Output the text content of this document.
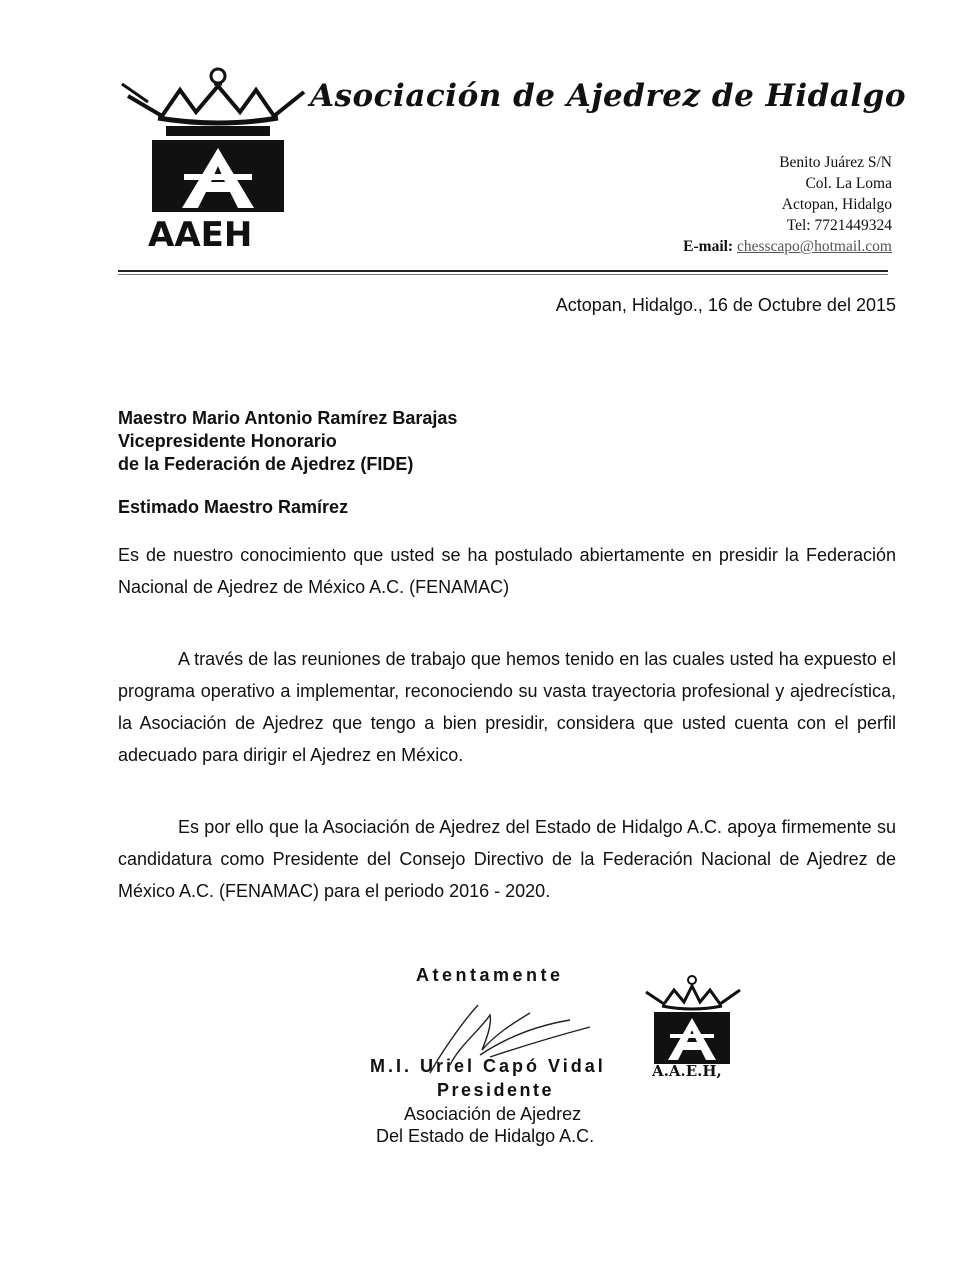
AAEH
Asociación de Ajedrez de Hidalgo
Benito Juárez S/N
Col. La Loma
Actopan, Hidalgo
Tel: 7721449324
E-mail: chesscapo@hotmail.com
Actopan, Hidalgo., 16 de Octubre del 2015
Maestro Mario Antonio Ramírez Barajas
Vicepresidente Honorario
de la Federación de Ajedrez (FIDE)
Estimado Maestro Ramírez

Es de nuestro conocimiento que usted se ha postulado abiertamente en presidir la Federación Nacional de Ajedrez de México A.C. (FENAMAC)

A través de las reuniones de trabajo que hemos tenido en las cuales usted ha expuesto el programa operativo a implementar, reconociendo su vasta trayectoria profesional y ajedrecística, la Asociación de Ajedrez que tengo a bien presidir, considera que usted cuenta con el perfil adecuado para dirigir el Ajedrez en México.

Es por ello que la Asociación de Ajedrez del Estado de Hidalgo A.C. apoya firmemente su candidatura como Presidente del Consejo Directivo de la Federación Nacional de Ajedrez de México A.C. (FENAMAC) para el periodo 2016 - 2020.

Atentamente
A.A.E.H,
M.I. Uriel Capó Vidal
Presidente
Asociación de Ajedrez
Del Estado de Hidalgo A.C.
